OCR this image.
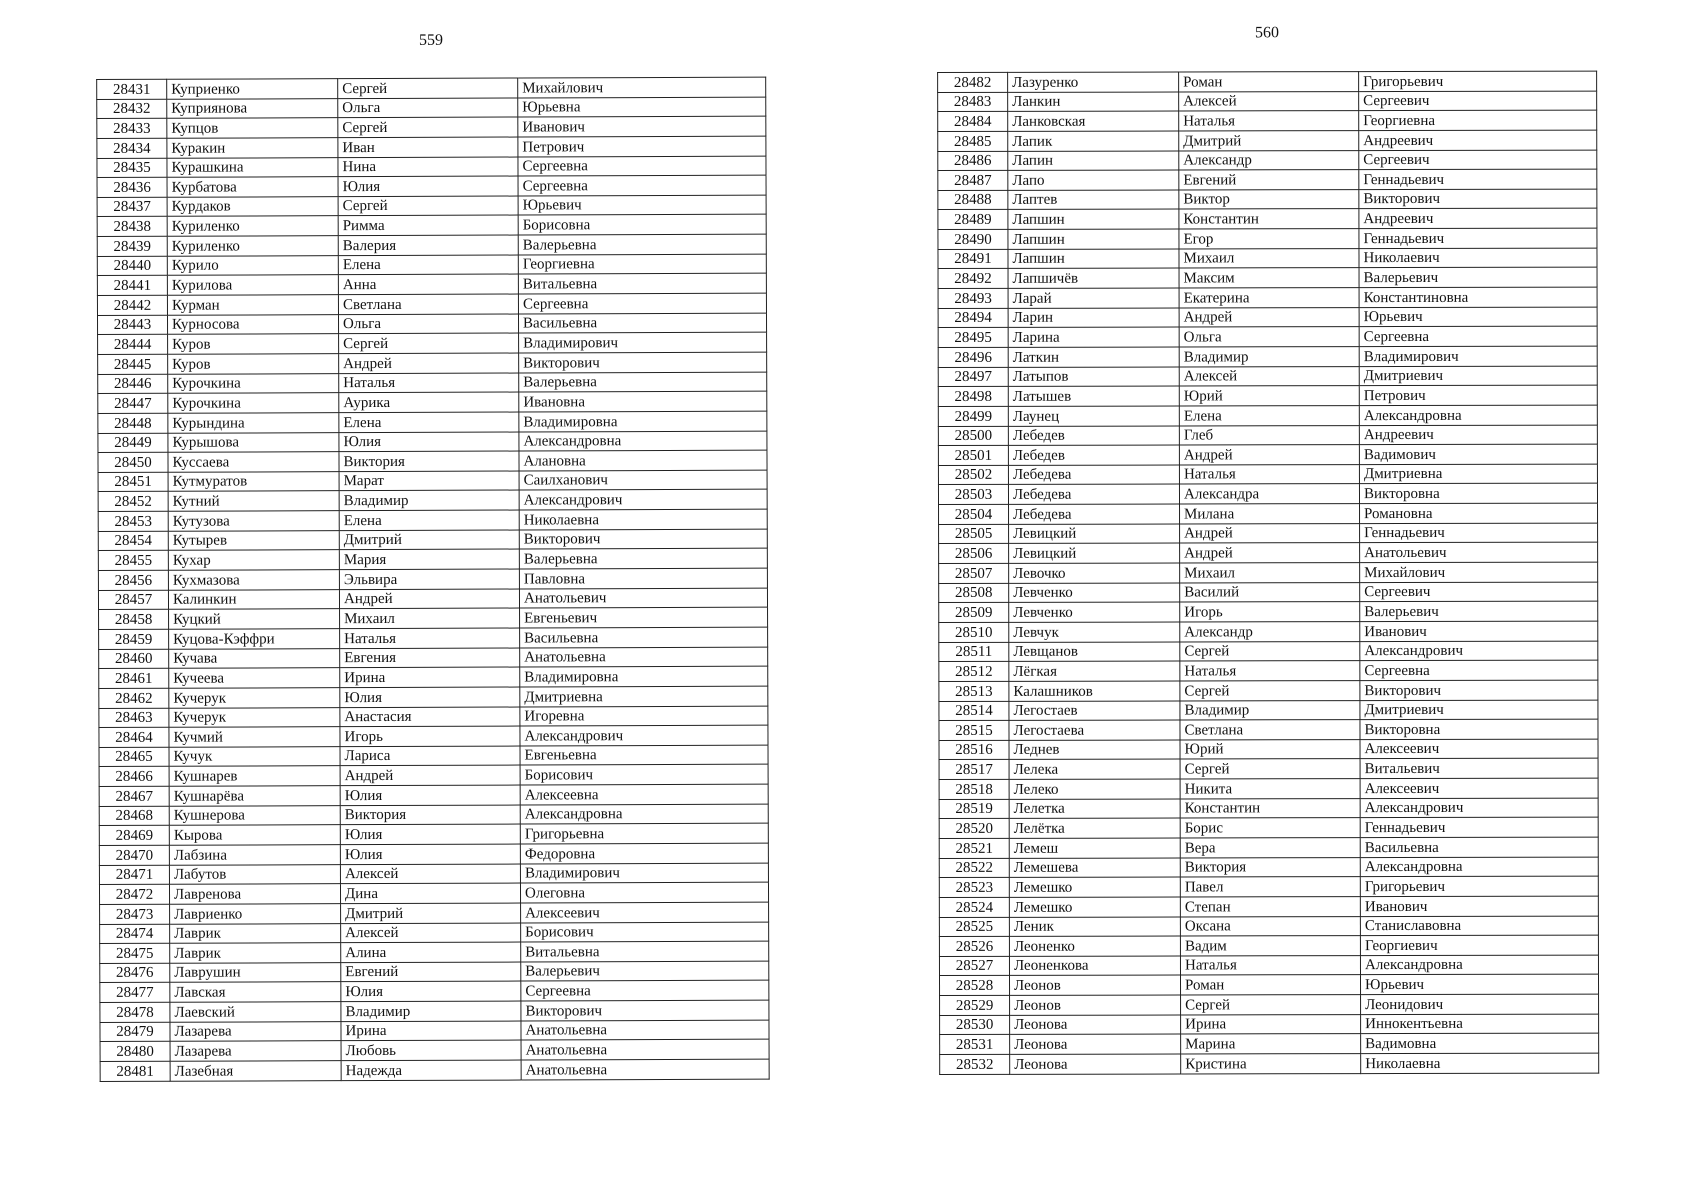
559
28431	Куприенко	Сергей	Михайлович
28432	Куприянова	Ольга	Юрьевна
28433	Купцов	Сергей	Иванович
28434	Куракин	Иван	Петрович
28435	Курашкина	Нина	Сергеевна
28436	Курбатова	Юлия	Сергеевна
28437	Курдаков	Сергей	Юрьевич
28438	Куриленко	Римма	Борисовна
28439	Куриленко	Валерия	Валерьевна
28440	Курило	Елена	Георгиевна
28441	Курилова	Анна	Витальевна
28442	Курман	Светлана	Сергеевна
28443	Курносова	Ольга	Васильевна
28444	Куров	Сергей	Владимирович
28445	Куров	Андрей	Викторович
28446	Курочкина	Наталья	Валерьевна
28447	Курочкина	Аурика	Ивановна
28448	Курындина	Елена	Владимировна
28449	Курышова	Юлия	Александровна
28450	Куссаева	Виктория	Алановна
28451	Кутмуратов	Марат	Саилханович
28452	Кутний	Владимир	Александрович
28453	Кутузова	Елена	Николаевна
28454	Кутырев	Дмитрий	Викторович
28455	Кухар	Мария	Валерьевна
28456	Кухмазова	Эльвира	Павловна
28457	Калинкин	Андрей	Анатольевич
28458	Куцкий	Михаил	Евгеньевич
28459	Куцова-Кэффри	Наталья	Васильевна
28460	Кучава	Евгения	Анатольевна
28461	Кучеева	Ирина	Владимировна
28462	Кучерук	Юлия	Дмитриевна
28463	Кучерук	Анастасия	Игоревна
28464	Кучмий	Игорь	Александрович
28465	Кучук	Лариса	Евгеньевна
28466	Кушнарев	Андрей	Борисович
28467	Кушнарёва	Юлия	Алексеевна
28468	Кушнерова	Виктория	Александровна
28469	Кырова	Юлия	Григорьевна
28470	Лабзина	Юлия	Федоровна
28471	Лабутов	Алексей	Владимирович
28472	Лавренова	Дина	Олеговна
28473	Лавриенко	Дмитрий	Алексеевич
28474	Лаврик	Алексей	Борисович
28475	Лаврик	Алина	Витальевна
28476	Лаврушин	Евгений	Валерьевич
28477	Лавская	Юлия	Сергеевна
28478	Лаевский	Владимир	Викторович
28479	Лазарева	Ирина	Анатольевна
28480	Лазарева	Любовь	Анатольевна
28481	Лазебная	Надежда	Анатольевна
560
28482	Лазуренко	Роман	Григорьевич
28483	Ланкин	Алексей	Сергеевич
28484	Ланковская	Наталья	Георгиевна
28485	Лапик	Дмитрий	Андреевич
28486	Лапин	Александр	Сергеевич
28487	Лапо	Евгений	Геннадьевич
28488	Лаптев	Виктор	Викторович
28489	Лапшин	Константин	Андреевич
28490	Лапшин	Егор	Геннадьевич
28491	Лапшин	Михаил	Николаевич
28492	Лапшичёв	Максим	Валерьевич
28493	Ларай	Екатерина	Константиновна
28494	Ларин	Андрей	Юрьевич
28495	Ларина	Ольга	Сергеевна
28496	Латкин	Владимир	Владимирович
28497	Латыпов	Алексей	Дмитриевич
28498	Латышев	Юрий	Петрович
28499	Лаунец	Елена	Александровна
28500	Лебедев	Глеб	Андреевич
28501	Лебедев	Андрей	Вадимович
28502	Лебедева	Наталья	Дмитриевна
28503	Лебедева	Александра	Викторовна
28504	Лебедева	Милана	Романовна
28505	Левицкий	Андрей	Геннадьевич
28506	Левицкий	Андрей	Анатольевич
28507	Левочко	Михаил	Михайлович
28508	Левченко	Василий	Сергеевич
28509	Левченко	Игорь	Валерьевич
28510	Левчук	Александр	Иванович
28511	Левщанов	Сергей	Александрович
28512	Лёгкая	Наталья	Сергеевна
28513	Калашников	Сергей	Викторович
28514	Легостаев	Владимир	Дмитриевич
28515	Легостаева	Светлана	Викторовна
28516	Леднев	Юрий	Алексеевич
28517	Лелека	Сергей	Витальевич
28518	Лелеко	Никита	Алексеевич
28519	Лелетка	Константин	Александрович
28520	Лелётка	Борис	Геннадьевич
28521	Лемеш	Вера	Васильевна
28522	Лемешева	Виктория	Александровна
28523	Лемешко	Павел	Григорьевич
28524	Лемешко	Степан	Иванович
28525	Леник	Оксана	Станиславовна
28526	Леоненко	Вадим	Георгиевич
28527	Леоненкова	Наталья	Александровна
28528	Леонов	Роман	Юрьевич
28529	Леонов	Сергей	Леонидович
28530	Леонова	Ирина	Иннокентьевна
28531	Леонова	Марина	Вадимовна
28532	Леонова	Кристина	Николаевна
